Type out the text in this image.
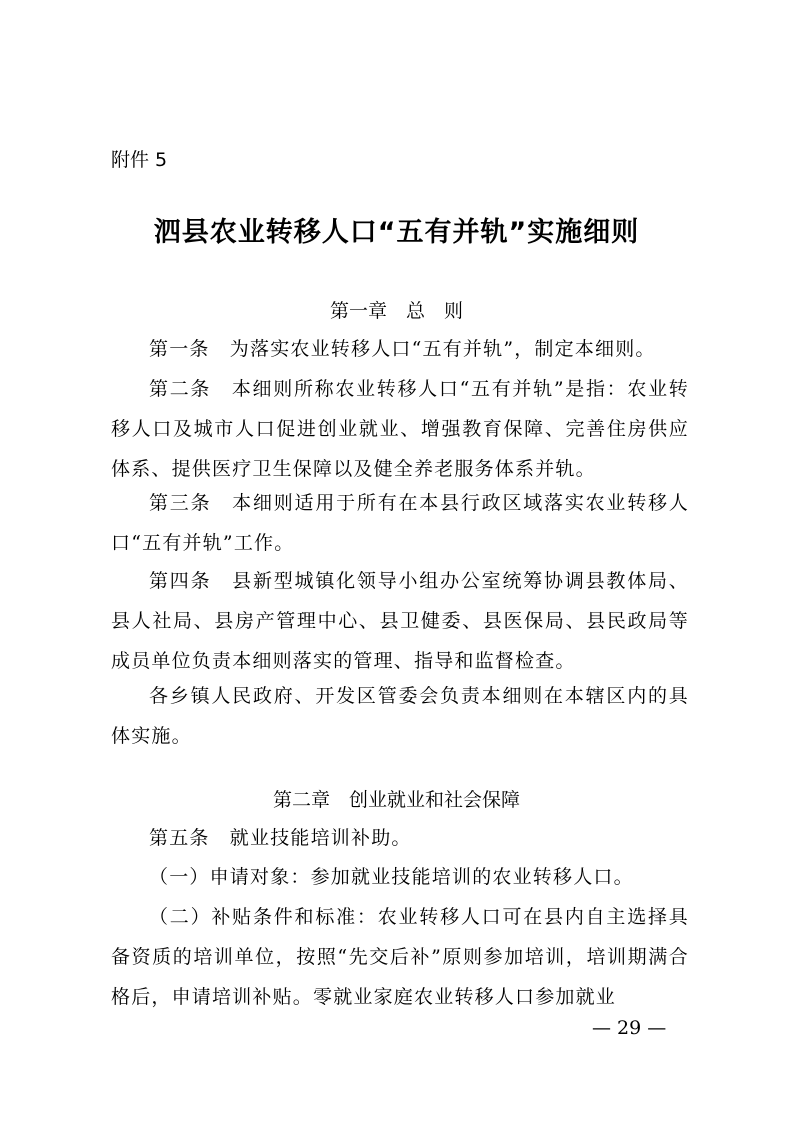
附件 5
泗县农业转移人口“五有并轨”实施细则
第一章　总　则

第一条　为落实农业转移人口“五有并轨”，制定本细则。

第二条　本细则所称农业转移人口“五有并轨”是指：农业转移人口及城市人口促进创业就业、增强教育保障、完善住房供应体系、提供医疗卫生保障以及健全养老服务体系并轨。

第三条　本细则适用于所有在本县行政区域落实农业转移人口“五有并轨”工作。

第四条　县新型城镇化领导小组办公室统筹协调县教体局、县人社局、县房产管理中心、县卫健委、县医保局、县民政局等成员单位负责本细则落实的管理、指导和监督检查。

各乡镇人民政府、开发区管委会负责本细则在本辖区内的具体实施。

第二章　创业就业和社会保障

第五条　就业技能培训补助。

（一）申请对象：参加就业技能培训的农业转移人口。

（二）补贴条件和标准：农业转移人口可在县内自主选择具备资质的培训单位，按照“先交后补”原则参加培训，培训期满合格后，申请培训补贴。零就业家庭农业转移人口参加就业

— 29 —
